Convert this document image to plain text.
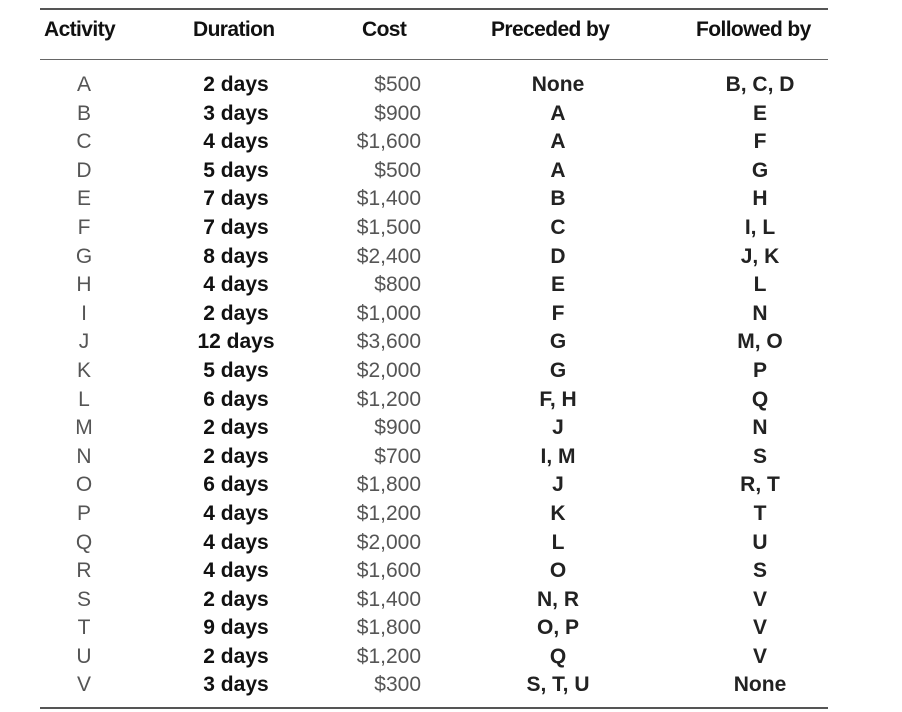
Activity	Duration	Cost	Preceded by	Followed by
A	2 days	$500	None	B, C, D
B	3 days	$900	A	E
C	4 days	$1,600	A	F
D	5 days	$500	A	G
E	7 days	$1,400	B	H
F	7 days	$1,500	C	I, L
G	8 days	$2,400	D	J, K
H	4 days	$800	E	L
I	2 days	$1,000	F	N
J	12 days	$3,600	G	M, O
K	5 days	$2,000	G	P
L	6 days	$1,200	F, H	Q
M	2 days	$900	J	N
N	2 days	$700	I, M	S
O	6 days	$1,800	J	R, T
P	4 days	$1,200	K	T
Q	4 days	$2,000	L	U
R	4 days	$1,600	O	S
S	2 days	$1,400	N, R	V
T	9 days	$1,800	O, P	V
U	2 days	$1,200	Q	V
V	3 days	$300	S, T, U	None
